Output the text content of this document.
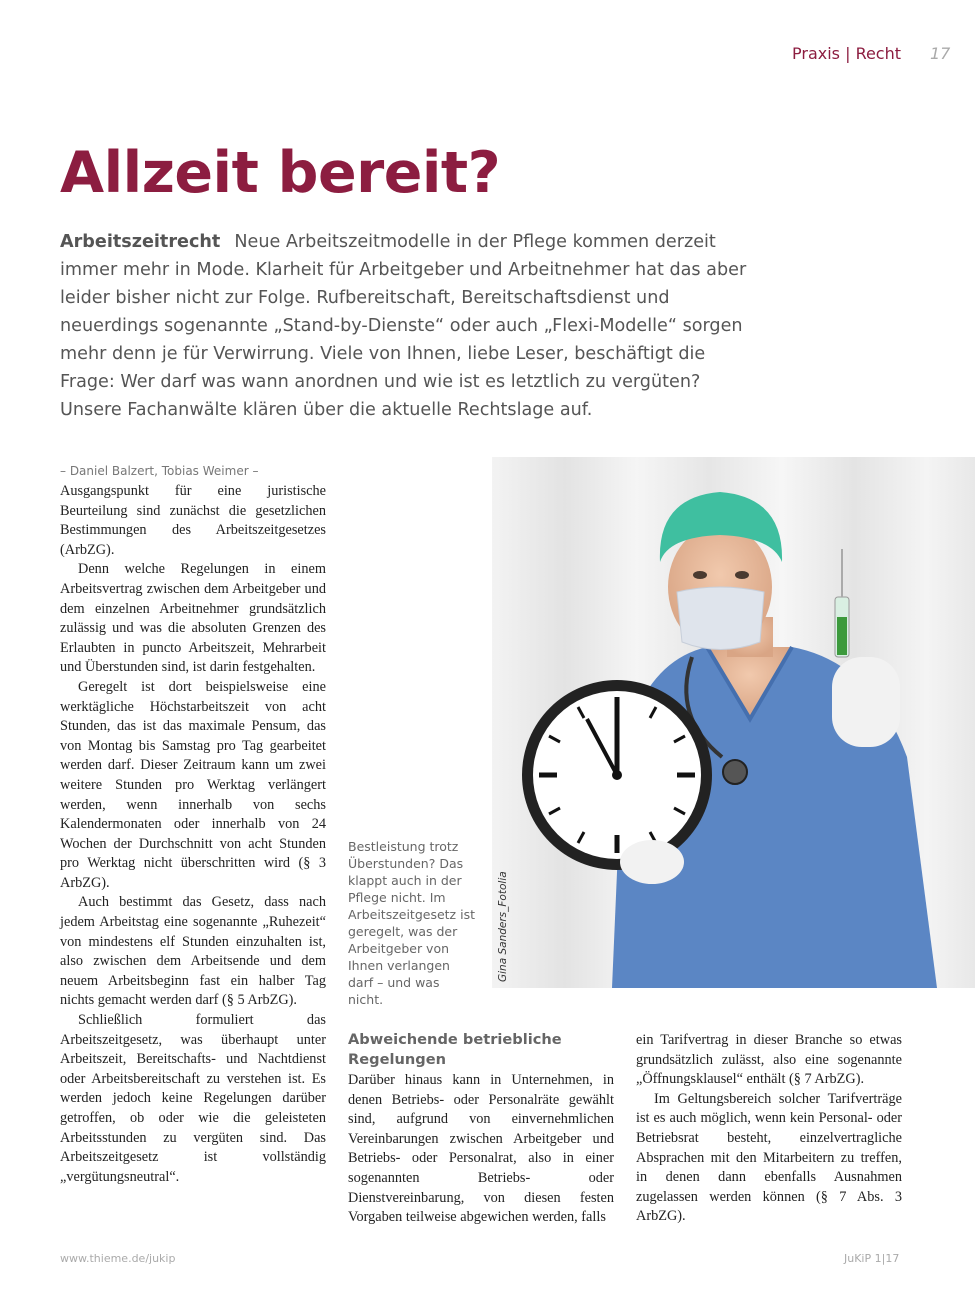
Praxis | Recht 17
Allzeit bereit?

Arbeitszeitrecht Neue Arbeitszeitmodelle in der Pflege kommen derzeit immer mehr in Mode. Klarheit für Arbeitgeber und Arbeitnehmer hat das aber leider bisher nicht zur Folge. Rufbereitschaft, Bereitschaftsdienst und neuerdings sogenannte „Stand-by-Dienste“ oder auch „Flexi-Modelle“ sorgen mehr denn je für Verwirrung. Viele von Ihnen, liebe Leser, beschäftigt die Frage: Wer darf was wann anordnen und wie ist es letztlich zu vergüten? Unsere Fachanwälte klären über die aktuelle Rechtslage auf.

– Daniel Balzert, Tobias Weimer –

Ausgangspunkt für eine juristische Beurteilung sind zunächst die gesetzlichen Bestimmungen des Arbeitszeitgesetzes (ArbZG).

Denn welche Regelungen in einem Arbeitsvertrag zwischen dem Arbeitgeber und dem einzelnen Arbeitnehmer grundsätzlich zulässig und was die absoluten Grenzen des Erlaubten in puncto Arbeitszeit, Mehrarbeit und Überstunden sind, ist darin festgehalten.

Geregelt ist dort beispielsweise eine werktägliche Höchstarbeitszeit von acht Stunden, das ist das maximale Pensum, das von Montag bis Samstag pro Tag gearbeitet werden darf. Dieser Zeitraum kann um zwei weitere Stunden pro Werktag verlängert werden, wenn innerhalb von sechs Kalendermonaten oder innerhalb von 24 Wochen der Durchschnitt von acht Stunden pro Werktag nicht überschritten wird (§ 3 ArbZG).

Auch bestimmt das Gesetz, dass nach jedem Arbeitstag eine sogenannte „Ruhezeit“ von mindestens elf Stunden einzuhalten ist, also zwischen dem Arbeitsende und dem neuem Arbeitsbeginn fast ein halber Tag nichts gemacht werden darf (§ 5 ArbZG).

Schließlich formuliert das Arbeitszeitgesetz, was überhaupt unter Arbeitszeit, Bereitschafts- und Nachtdienst oder Arbeitsbereitschaft zu verstehen ist. Es werden jedoch keine Regelungen darüber getroffen, ob oder wie die geleisteten Arbeitsstunden zu vergüten sind. Das Arbeitszeitgesetz ist vollständig „vergütungsneutral“.

Bestleistung trotz Überstunden? Das klappt auch in der Pflege nicht. Im Arbeitszeitgesetz ist geregelt, was der Arbeitgeber von Ihnen verlangen darf – und was nicht.
Gina Sanders_Fotolia
Abweichende betriebliche Regelungen

Darüber hinaus kann in Unternehmen, in denen Betriebs- oder Personalräte gewählt sind, aufgrund von einvernehmlichen Vereinbarungen zwischen Arbeitgeber und Betriebs- oder Personalrat, also in einer sogenannten Betriebs- oder Dienstvereinbarung, von diesen festen Vorgaben teilweise abgewichen werden, falls

ein Tarifvertrag in dieser Branche so etwas grundsätzlich zulässt, also eine sogenannte „Öffnungsklausel“ enthält (§ 7 ArbZG).

Im Geltungsbereich solcher Tarifverträge ist es auch möglich, wenn kein Personal- oder Betriebsrat besteht, einzelvertragliche Absprachen mit den Mitarbeitern zu treffen, in denen dann ebenfalls Ausnahmen zugelassen werden können (§ 7 Abs. 3 ArbZG).

www.thieme.de/jukip	JuKiP 1|17
